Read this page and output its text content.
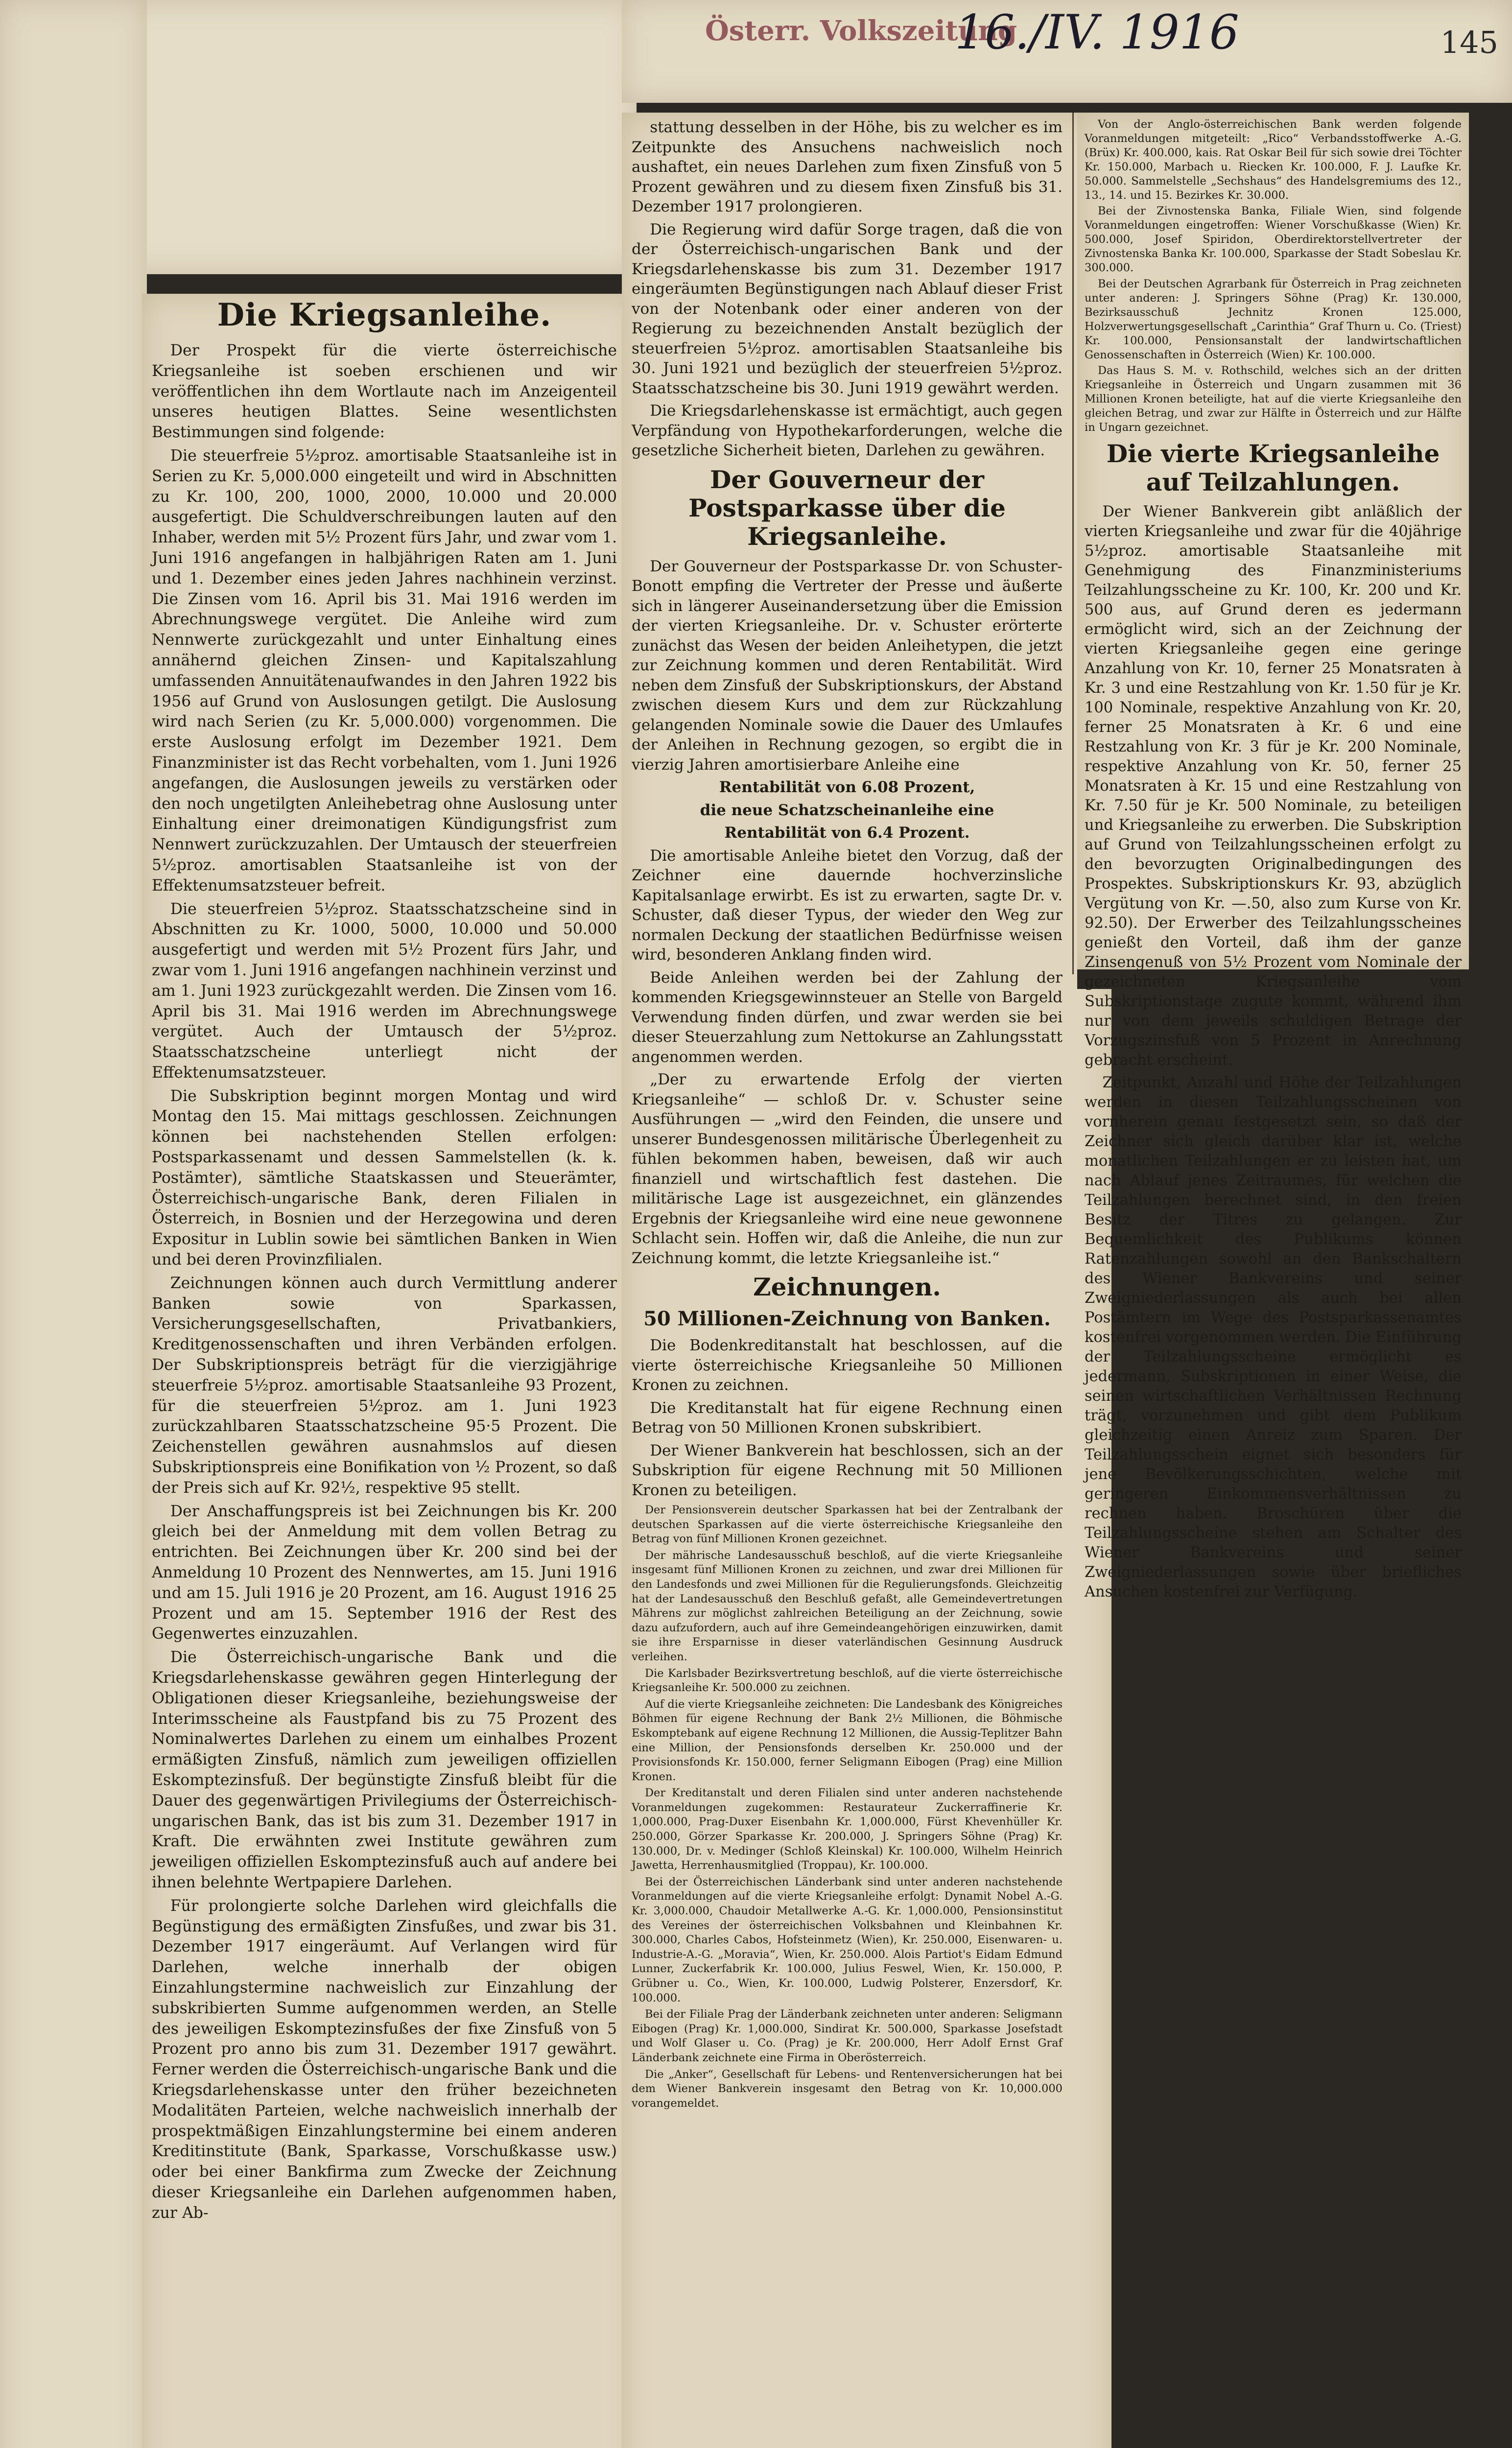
Österr. Volkszeitung
16./IV. 1916	145
Die Kriegsanleihe.

Der Prospekt für die vierte österreichische Kriegsanleihe ist soeben erschienen und wir veröffentlichen ihn dem Wortlaute nach im Anzeigenteil unseres heutigen Blattes. Seine wesentlichsten Bestimmungen sind folgende:

Die steuerfreie 5½proz. amortisable Staatsanleihe ist in Serien zu Kr. 5,000.000 eingeteilt und wird in Abschnitten zu Kr. 100, 200, 1000, 2000, 10.000 und 20.000 ausgefertigt. Die Schuldverschreibungen lauten auf den Inhaber, werden mit 5½ Prozent fürs Jahr, und zwar vom 1. Juni 1916 angefangen in halbjährigen Raten am 1. Juni und 1. Dezember eines jeden Jahres nachhinein verzinst. Die Zinsen vom 16. April bis 31. Mai 1916 werden im Abrechnungswege vergütet. Die Anleihe wird zum Nennwerte zurückgezahlt und unter Einhaltung eines annähernd gleichen Zinsen- und Kapitalszahlung umfassenden Annuitätenaufwandes in den Jahren 1922 bis 1956 auf Grund von Auslosungen getilgt. Die Auslosung wird nach Serien (zu Kr. 5,000.000) vorgenommen. Die erste Auslosung erfolgt im Dezember 1921. Dem Finanzminister ist das Recht vorbehalten, vom 1. Juni 1926 angefangen, die Auslosungen jeweils zu verstärken oder den noch ungetilgten Anleihebetrag ohne Auslosung unter Einhaltung einer dreimonatigen Kündigungsfrist zum Nennwert zurückzuzahlen. Der Umtausch der steuerfreien 5½proz. amortisablen Staatsanleihe ist von der Effektenumsatzsteuer befreit.

Die steuerfreien 5½proz. Staatsschatzscheine sind in Abschnitten zu Kr. 1000, 5000, 10.000 und 50.000 ausgefertigt und werden mit 5½ Prozent fürs Jahr, und zwar vom 1. Juni 1916 angefangen nachhinein verzinst und am 1. Juni 1923 zurückgezahlt werden. Die Zinsen vom 16. April bis 31. Mai 1916 werden im Abrechnungswege vergütet. Auch der Umtausch der 5½proz. Staatsschatzscheine unterliegt nicht der Effektenumsatzsteuer.

Die Subskription beginnt morgen Montag und wird Montag den 15. Mai mittags geschlossen. Zeichnungen können bei nachstehenden Stellen erfolgen: Postsparkassenamt und dessen Sammelstellen (k. k. Postämter), sämtliche Staatskassen und Steuerämter, Österreichisch-ungarische Bank, deren Filialen in Österreich, in Bosnien und der Herzegowina und deren Expositur in Lublin sowie bei sämtlichen Banken in Wien und bei deren Provinzfilialen.

Zeichnungen können auch durch Vermittlung anderer Banken sowie von Sparkassen, Versicherungsgesellschaften, Privatbankiers, Kreditgenossenschaften und ihren Verbänden erfolgen. Der Subskriptionspreis beträgt für die vierzigjährige steuerfreie 5½proz. amortisable Staatsanleihe 93 Prozent, für die steuerfreien 5½proz. am 1. Juni 1923 zurückzahlbaren Staatsschatzscheine 95·5 Prozent. Die Zeichenstellen gewähren ausnahmslos auf diesen Subskriptionspreis eine Bonifikation von ½ Prozent, so daß der Preis sich auf Kr. 92½, respektive 95 stellt.

Der Anschaffungspreis ist bei Zeichnungen bis Kr. 200 gleich bei der Anmeldung mit dem vollen Betrag zu entrichten. Bei Zeichnungen über Kr. 200 sind bei der Anmeldung 10 Prozent des Nennwertes, am 15. Juni 1916 und am 15. Juli 1916 je 20 Prozent, am 16. August 1916 25 Prozent und am 15. September 1916 der Rest des Gegenwertes einzuzahlen.

Die Österreichisch-ungarische Bank und die Kriegsdarlehenskasse gewähren gegen Hinterlegung der Obligationen dieser Kriegsanleihe, beziehungsweise der Interimsscheine als Faustpfand bis zu 75 Prozent des Nominalwertes Darlehen zu einem um einhalbes Prozent ermäßigten Zinsfuß, nämlich zum jeweiligen offiziellen Eskomptezinsfuß. Der begünstigte Zinsfuß bleibt für die Dauer des gegenwärtigen Privilegiums der Österreichisch-ungarischen Bank, das ist bis zum 31. Dezember 1917 in Kraft. Die erwähnten zwei Institute gewähren zum jeweiligen offiziellen Eskomptezinsfuß auch auf andere bei ihnen belehnte Wertpapiere Darlehen.

Für prolongierte solche Darlehen wird gleichfalls die Begünstigung des ermäßigten Zinsfußes, und zwar bis 31. Dezember 1917 eingeräumt. Auf Verlangen wird für Darlehen, welche innerhalb der obigen Einzahlungstermine nachweislich zur Einzahlung der subskribierten Summe aufgenommen werden, an Stelle des jeweiligen Eskomptezinsfußes der fixe Zinsfuß von 5 Prozent pro anno bis zum 31. Dezember 1917 gewährt. Ferner werden die Österreichisch-ungarische Bank und die Kriegsdarlehenskasse unter den früher bezeichneten Modalitäten Parteien, welche nachweislich innerhalb der prospektmäßigen Einzahlungstermine bei einem anderen Kreditinstitute (Bank, Sparkasse, Vorschußkasse usw.) oder bei einer Bankfirma zum Zwecke der Zeichnung dieser Kriegsanleihe ein Darlehen aufgenommen haben, zur Ab-

stattung desselben in der Höhe, bis zu welcher es im Zeitpunkte des Ansuchens nachweislich noch aushaftet, ein neues Darlehen zum fixen Zinsfuß von 5 Prozent gewähren und zu diesem fixen Zinsfuß bis 31. Dezember 1917 prolongieren.

Die Regierung wird dafür Sorge tragen, daß die von der Österreichisch-ungarischen Bank und der Kriegsdarlehenskasse bis zum 31. Dezember 1917 eingeräumten Begünstigungen nach Ablauf dieser Frist von der Notenbank oder einer anderen von der Regierung zu bezeichnenden Anstalt bezüglich der steuerfreien 5½proz. amortisablen Staatsanleihe bis 30. Juni 1921 und bezüglich der steuerfreien 5½proz. Staatsschatzscheine bis 30. Juni 1919 gewährt werden.

Die Kriegsdarlehenskasse ist ermächtigt, auch gegen Verpfändung von Hypothekarforderungen, welche die gesetzliche Sicherheit bieten, Darlehen zu gewähren.

Der Gouverneur der Postsparkasse über die Kriegsanleihe.

Der Gouverneur der Postsparkasse Dr. von Schuster-Bonott empfing die Vertreter der Presse und äußerte sich in längerer Auseinandersetzung über die Emission der vierten Kriegsanleihe. Dr. v. Schuster erörterte zunächst das Wesen der beiden Anleihetypen, die jetzt zur Zeichnung kommen und deren Rentabilität. Wird neben dem Zinsfuß der Subskriptionskurs, der Abstand zwischen diesem Kurs und dem zur Rückzahlung gelangenden Nominale sowie die Dauer des Umlaufes der Anleihen in Rechnung gezogen, so ergibt die in vierzig Jahren amortisierbare Anleihe eine

Rentabilität von 6.08 Prozent,

die neue Schatzscheinanleihe eine

Rentabilität von 6.4 Prozent.

Die amortisable Anleihe bietet den Vorzug, daß der Zeichner eine dauernde hochverzinsliche Kapitalsanlage erwirbt. Es ist zu erwarten, sagte Dr. v. Schuster, daß dieser Typus, der wieder den Weg zur normalen Deckung der staatlichen Bedürfnisse weisen wird, besonderen Anklang finden wird.

Beide Anleihen werden bei der Zahlung der kommenden Kriegsgewinnsteuer an Stelle von Bargeld Verwendung finden dürfen, und zwar werden sie bei dieser Steuerzahlung zum Nettokurse an Zahlungsstatt angenommen werden.

„Der zu erwartende Erfolg der vierten Kriegsanleihe“ — schloß Dr. v. Schuster seine Ausführungen — „wird den Feinden, die unsere und unserer Bundesgenossen militärische Überlegenheit zu fühlen bekommen haben, beweisen, daß wir auch finanziell und wirtschaftlich fest dastehen. Die militärische Lage ist ausgezeichnet, ein glänzendes Ergebnis der Kriegsanleihe wird eine neue gewonnene Schlacht sein. Hoffen wir, daß die Anleihe, die nun zur Zeichnung kommt, die letzte Kriegsanleihe ist.“

Zeichnungen.
50 Millionen-Zeichnung von Banken.

Die Bodenkreditanstalt hat beschlossen, auf die vierte österreichische Kriegsanleihe 50 Millionen Kronen zu zeichnen.

Die Kreditanstalt hat für eigene Rechnung einen Betrag von 50 Millionen Kronen subskribiert.

Der Wiener Bankverein hat beschlossen, sich an der Subskription für eigene Rechnung mit 50 Millionen Kronen zu beteiligen.

Der Pensionsverein deutscher Sparkassen hat bei der Zentralbank der deutschen Sparkassen auf die vierte österreichische Kriegsanleihe den Betrag von fünf Millionen Kronen gezeichnet.

Der mährische Landesausschuß beschloß, auf die vierte Kriegsanleihe insgesamt fünf Millionen Kronen zu zeichnen, und zwar drei Millionen für den Landesfonds und zwei Millionen für die Regulierungsfonds. Gleichzeitig hat der Landesausschuß den Beschluß gefaßt, alle Gemeindevertretungen Mährens zur möglichst zahlreichen Beteiligung an der Zeichnung, sowie dazu aufzufordern, auch auf ihre Gemeindeangehörigen einzuwirken, damit sie ihre Ersparnisse in dieser vaterländischen Gesinnung Ausdruck verleihen.

Die Karlsbader Bezirksvertretung beschloß, auf die vierte österreichische Kriegsanleihe Kr. 500.000 zu zeichnen.

Auf die vierte Kriegsanleihe zeichneten: Die Landesbank des Königreiches Böhmen für eigene Rechnung der Bank 2½ Millionen, die Böhmische Eskomptebank auf eigene Rechnung 12 Millionen, die Aussig-Teplitzer Bahn eine Million, der Pensionsfonds derselben Kr. 250.000 und der Provisionsfonds Kr. 150.000, ferner Seligmann Eibogen (Prag) eine Million Kronen.

Der Kreditanstalt und deren Filialen sind unter anderen nachstehende Voranmeldungen zugekommen: Restaurateur Zuckerraffinerie Kr. 1,000.000, Prag-Duxer Eisenbahn Kr. 1,000.000, Fürst Khevenhüller Kr. 250.000, Görzer Sparkasse Kr. 200.000, J. Springers Söhne (Prag) Kr. 130.000, Dr. v. Medinger (Schloß Kleinskal) Kr. 100.000, Wilhelm Heinrich Jawetta, Herrenhausmitglied (Troppau), Kr. 100.000.

Bei der Österreichischen Länderbank sind unter anderen nachstehende Voranmeldungen auf die vierte Kriegsanleihe erfolgt: Dynamit Nobel A.-G. Kr. 3,000.000, Chaudoir Metallwerke A.-G. Kr. 1,000.000, Pensionsinstitut des Vereines der österreichischen Volksbahnen und Kleinbahnen Kr. 300.000, Charles Cabos, Hofsteinmetz (Wien), Kr. 250.000, Eisenwaren- u. Industrie-A.-G. „Moravia“, Wien, Kr. 250.000. Alois Partiot's Eidam Edmund Lunner, Zuckerfabrik Kr. 100.000, Julius Feswel, Wien, Kr. 150.000, P. Grübner u. Co., Wien, Kr. 100.000, Ludwig Polsterer, Enzersdorf, Kr. 100.000.

Bei der Filiale Prag der Länderbank zeichneten unter anderen: Seligmann Eibogen (Prag) Kr. 1,000.000, Sindirat Kr. 500.000, Sparkasse Josefstadt und Wolf Glaser u. Co. (Prag) je Kr. 200.000, Herr Adolf Ernst Graf Länderbank zeichnete eine Firma in Oberösterreich.

Die „Anker“, Gesellschaft für Lebens- und Rentenversicherungen hat bei dem Wiener Bankverein insgesamt den Betrag von Kr. 10,000.000 vorangemeldet.

Von der Anglo-österreichischen Bank werden folgende Voranmeldungen mitgeteilt: „Rico“ Verbandsstoffwerke A.-G. (Brüx) Kr. 400.000, kais. Rat Oskar Beil für sich sowie drei Töchter Kr. 150.000, Marbach u. Riecken Kr. 100.000, F. J. Laufke Kr. 50.000. Sammelstelle „Sechshaus“ des Handelsgremiums des 12., 13., 14. und 15. Bezirkes Kr. 30.000.

Bei der Zivnostenska Banka, Filiale Wien, sind folgende Voranmeldungen eingetroffen: Wiener Vorschußkasse (Wien) Kr. 500.000, Josef Spiridon, Oberdirektorstellvertreter der Zivnostenska Banka Kr. 100.000, Sparkasse der Stadt Sobeslau Kr. 300.000.

Bei der Deutschen Agrarbank für Österreich in Prag zeichneten unter anderen: J. Springers Söhne (Prag) Kr. 130.000, Bezirksausschuß Jechnitz Kronen 125.000, Holzverwertungsgesellschaft „Carinthia“ Graf Thurn u. Co. (Triest) Kr. 100.000, Pensionsanstalt der landwirtschaftlichen Genossenschaften in Österreich (Wien) Kr. 100.000.

Das Haus S. M. v. Rothschild, welches sich an der dritten Kriegsanleihe in Österreich und Ungarn zusammen mit 36 Millionen Kronen beteiligte, hat auf die vierte Kriegsanleihe den gleichen Betrag, und zwar zur Hälfte in Österreich und zur Hälfte in Ungarn gezeichnet.

Die vierte Kriegsanleihe auf Teilzahlungen.

Der Wiener Bankverein gibt anläßlich der vierten Kriegsanleihe und zwar für die 40jährige 5½proz. amortisable Staatsanleihe mit Genehmigung des Finanzministeriums Teilzahlungsscheine zu Kr. 100, Kr. 200 und Kr. 500 aus, auf Grund deren es jedermann ermöglicht wird, sich an der Zeichnung der vierten Kriegsanleihe gegen eine geringe Anzahlung von Kr. 10, ferner 25 Monatsraten à Kr. 3 und eine Restzahlung von Kr. 1.50 für je Kr. 100 Nominale, respektive Anzahlung von Kr. 20, ferner 25 Monatsraten à Kr. 6 und eine Restzahlung von Kr. 3 für je Kr. 200 Nominale, respektive Anzahlung von Kr. 50, ferner 25 Monatsraten à Kr. 15 und eine Restzahlung von Kr. 7.50 für je Kr. 500 Nominale, zu beteiligen und Kriegsanleihe zu erwerben. Die Subskription auf Grund von Teilzahlungsscheinen erfolgt zu den bevorzugten Originalbedingungen des Prospektes. Subskriptionskurs Kr. 93, abzüglich Vergütung von Kr. —.50, also zum Kurse von Kr. 92.50). Der Erwerber des Teilzahlungsscheines genießt den Vorteil, daß ihm der ganze Zinsengenuß von 5½ Prozent vom Nominale der gezeichneten Kriegsanleihe vom Subskriptionstage zugute kommt, während ihm nur von dem jeweils schuldigen Betrage der Vorzugszinsfuß von 5 Prozent in Anrechnung gebracht erscheint.

Zeitpunkt, Anzahl und Höhe der Teilzahlungen werden in diesen Teilzahlungsscheinen von vornherein genau festgesetzt sein, so daß der Zeichner sich gleich darüber klar ist, welche monatlichen Teilzahlungen er zu leisten hat, um nach Ablauf jenes Zeitraumes, für welchen die Teilzahlungen berechnet sind, in den freien Besitz der Titres zu gelangen. Zur Bequemlichkeit des Publikums können Ratenzahlungen sowohl an den Bankschaltern des Wiener Bankvereins und seiner Zweigniederlassungen als auch bei allen Postämtern im Wege des Postsparkassenamtes kostenfrei vorgenommen werden. Die Einführung der Teilzahlungsscheine ermöglicht es jedermann, Subskriptionen in einer Weise, die seinen wirtschaftlichen Verhältnissen Rechnung trägt, vorzunehmen und gibt dem Publikum gleichzeitig einen Anreiz zum Sparen. Der Teilzahlungsschein eignet sich besonders für jene Bevölkerungsschichten, welche mit geringeren Einkommensverhältnissen zu rechnen haben. Broschüren über die Teilzahlungsscheine stehen am Schalter des Wiener Bankvereins und seiner Zweigniederlassungen sowie über briefliches Ansuchen kostenfrei zur Verfügung.
